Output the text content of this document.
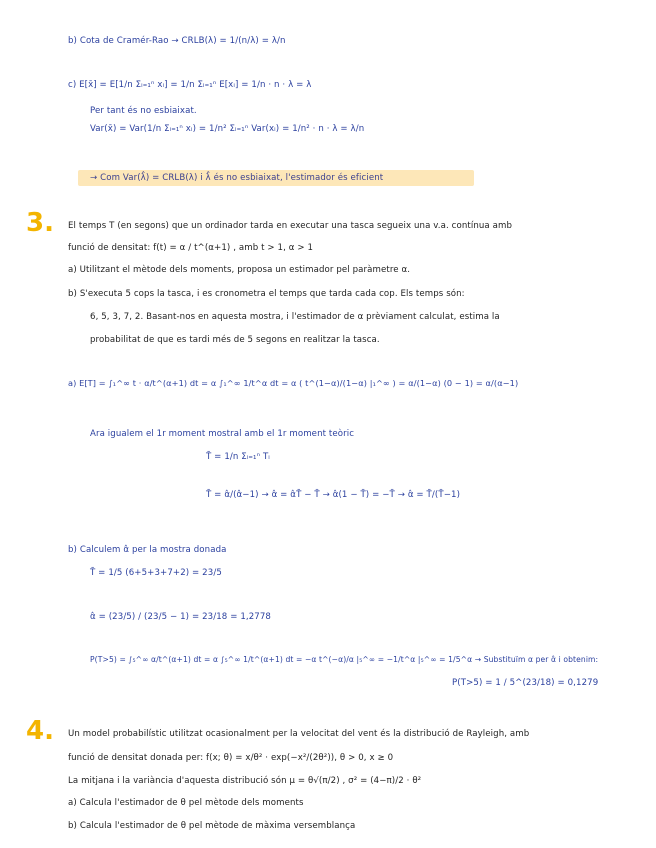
b) Cota de Cramér-Rao → CRLB(λ) = 1/(n/λ) = λ/n
c) E[x̄] = E[1/n Σᵢ₌₁ⁿ xᵢ] = 1/n Σᵢ₌₁ⁿ E[xᵢ] = 1/n · n · λ = λ
Per tant és no esbiaixat.
Var(x̄) = Var(1/n Σᵢ₌₁ⁿ xᵢ) = 1/n² Σᵢ₌₁ⁿ Var(xᵢ) = 1/n² · n · λ = λ/n
→ Com Var(λ̂) = CRLB(λ) i λ̂ és no esbiaixat, l'estimador és eficient
3. El temps T (en segons) que un ordinador tarda en executar una tasca segueix una v.a. contínua amb
funció de densitat: f(t) = α / t^(α+1) , amb t > 1, α > 1
a) Utilitzant el mètode dels moments, proposa un estimador pel paràmetre α.
b) S'executa 5 cops la tasca, i es cronometra el temps que tarda cada cop. Els temps són:
6, 5, 3, 7, 2. Basant-nos en aquesta mostra, i l'estimador de α prèviament calculat, estima la
probabilitat de que es tardi més de 5 segons en realitzar la tasca.
a) E[T] = ∫₁^∞ t · α/t^(α+1) dt = α ∫₁^∞ 1/t^α dt = α ( t^(1−α)/(1−α) |₁^∞ ) = α/(1−α) (0 − 1) = α/(α−1)
Ara igualem el 1r moment mostral amb el 1r moment teòric
T̄ = 1/n Σᵢ₌₁ⁿ Tᵢ
T̄ = α̂/(α̂−1) → α̂ = α̂T̄ − T̄ → α̂(1 − T̄) = −T̄ → α̂ = T̄/(T̄−1)
b) Calculem α̂ per la mostra donada
T̄ = 1/5 (6+5+3+7+2) = 23/5
α̂ = (23/5) / (23/5 − 1) = 23/18 = 1,2778
P(T>5) = ∫₅^∞ α/t^(α+1) dt = α ∫₅^∞ 1/t^(α+1) dt = −α t^(−α)/α |₅^∞ = −1/t^α |₅^∞ = 1/5^α → Substituïm α per α̂ i obtenim:
P(T>5) = 1 / 5^(23/18) = 0,1279
4. Un model probabilístic utilitzat ocasionalment per la velocitat del vent és la distribució de Rayleigh, amb
funció de densitat donada per: f(x; θ) = x/θ² · exp(−x²/(2θ²)), θ > 0, x ≥ 0
La mitjana i la variància d'aquesta distribució són μ = θ√(π/2) , σ² = (4−π)/2 · θ²
a) Calcula l'estimador de θ pel mètode dels moments
b) Calcula l'estimador de θ pel mètode de màxima versemblança
